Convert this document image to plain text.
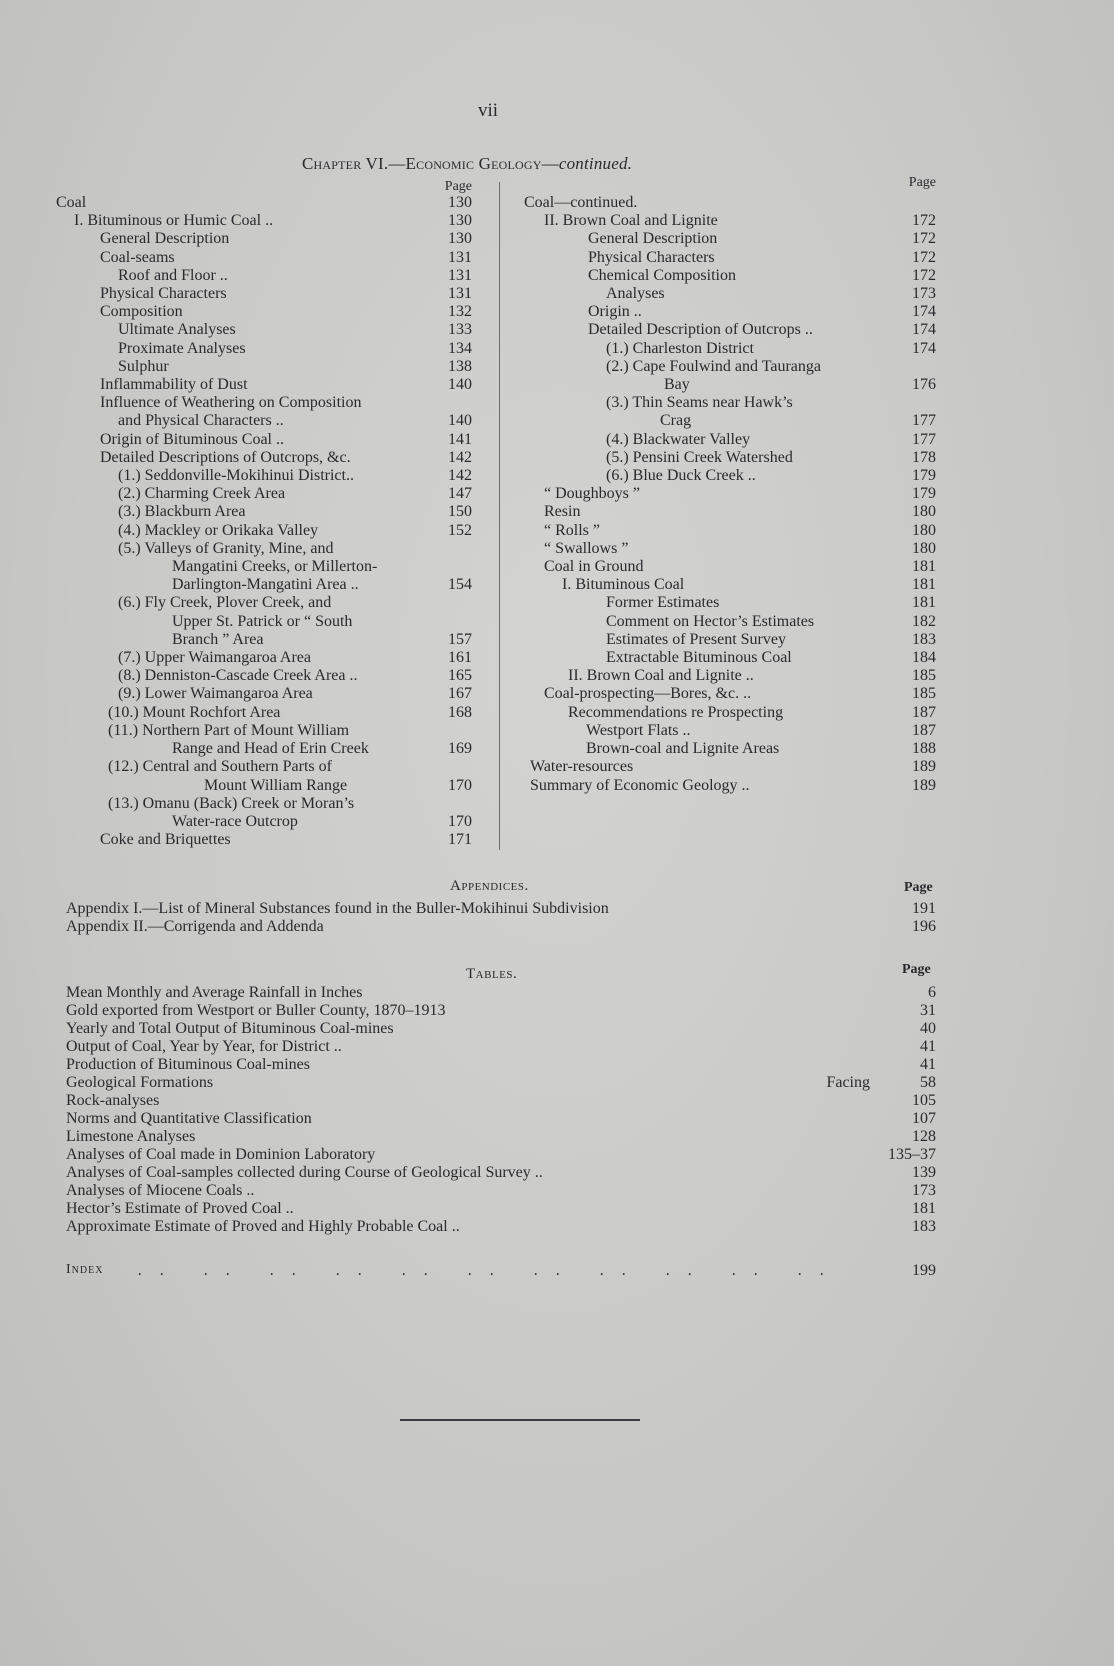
vii
Chapter VI.—Economic Geology—continued.
Page
Coal	130
I. Bituminous or Humic Coal ..	130
General Description	130
Coal-seams	131
Roof and Floor ..	131
Physical Characters	131
Composition	132
Ultimate Analyses	133
Proximate Analyses	134
Sulphur	138
Inflammability of Dust	140
Influence of Weathering on Composition
and Physical Characters ..	140
Origin of Bituminous Coal ..	141
Detailed Descriptions of Outcrops, &c.	142
(1.) Seddonville-Mokihinui District..	142
(2.) Charming Creek Area	147
(3.) Blackburn Area	150
(4.) Mackley or Orikaka Valley	152
(5.) Valleys of Granity, Mine, and
Mangatini Creeks, or Millerton-
Darlington-Mangatini Area ..	154
(6.) Fly Creek, Plover Creek, and
Upper St. Patrick or “ South
Branch ” Area	157
(7.) Upper Waimangaroa Area	161
(8.) Denniston-Cascade Creek Area ..	165
(9.) Lower Waimangaroa Area	167
(10.) Mount Rochfort Area	168
(11.) Northern Part of Mount William
Range and Head of Erin Creek	169
(12.) Central and Southern Parts of
Mount William Range	170
(13.) Omanu (Back) Creek or Moran’s
Water-race Outcrop	170
Coke and Briquettes	171
Page
Coal—continued.
II. Brown Coal and Lignite	172
General Description	172
Physical Characters	172
Chemical Composition	172
Analyses	173
Origin ..	174
Detailed Description of Outcrops ..	174
(1.) Charleston District	174
(2.) Cape Foulwind and Tauranga
Bay	176
(3.) Thin Seams near Hawk’s
Crag	177
(4.) Blackwater Valley	177
(5.) Pensini Creek Watershed	178
(6.) Blue Duck Creek ..	179
“ Doughboys ”	179
Resin	180
“ Rolls ”	180
“ Swallows ”	180
Coal in Ground	181
I. Bituminous Coal	181
Former Estimates	181
Comment on Hector’s Estimates	182
Estimates of Present Survey	183
Extractable Bituminous Coal	184
II. Brown Coal and Lignite ..	185
Coal-prospecting—Bores, &c. ..	185
Recommendations re Prospecting	187
Westport Flats ..	187
Brown-coal and Lignite Areas	188
Water-resources	189
Summary of Economic Geology ..	189
Appendices.	Page
Appendix I.—List of Mineral Substances found in the Buller-Mokihinui Subdivision	191
Appendix II.—Corrigenda and Addenda	196
Tables.	Page
Mean Monthly and Average Rainfall in Inches	6
Gold exported from Westport or Buller County, 1870–1913	31
Yearly and Total Output of Bituminous Coal-mines	40
Output of Coal, Year by Year, for District ..	41
Production of Bituminous Coal-mines	41
Geological Formations	Facing	58
Rock-analyses	105
Norms and Quantitative Classification	107
Limestone Analyses	128
Analyses of Coal made in Dominion Laboratory	135–37
Analyses of Coal-samples collected during Course of Geological Survey ..	139
Analyses of Miocene Coals ..	173
Hector’s Estimate of Proved Coal ..	181
Approximate Estimate of Proved and Highly Probable Coal ..	183
Index	.. .. .. .. .. .. .. .. .. .. ..	199
